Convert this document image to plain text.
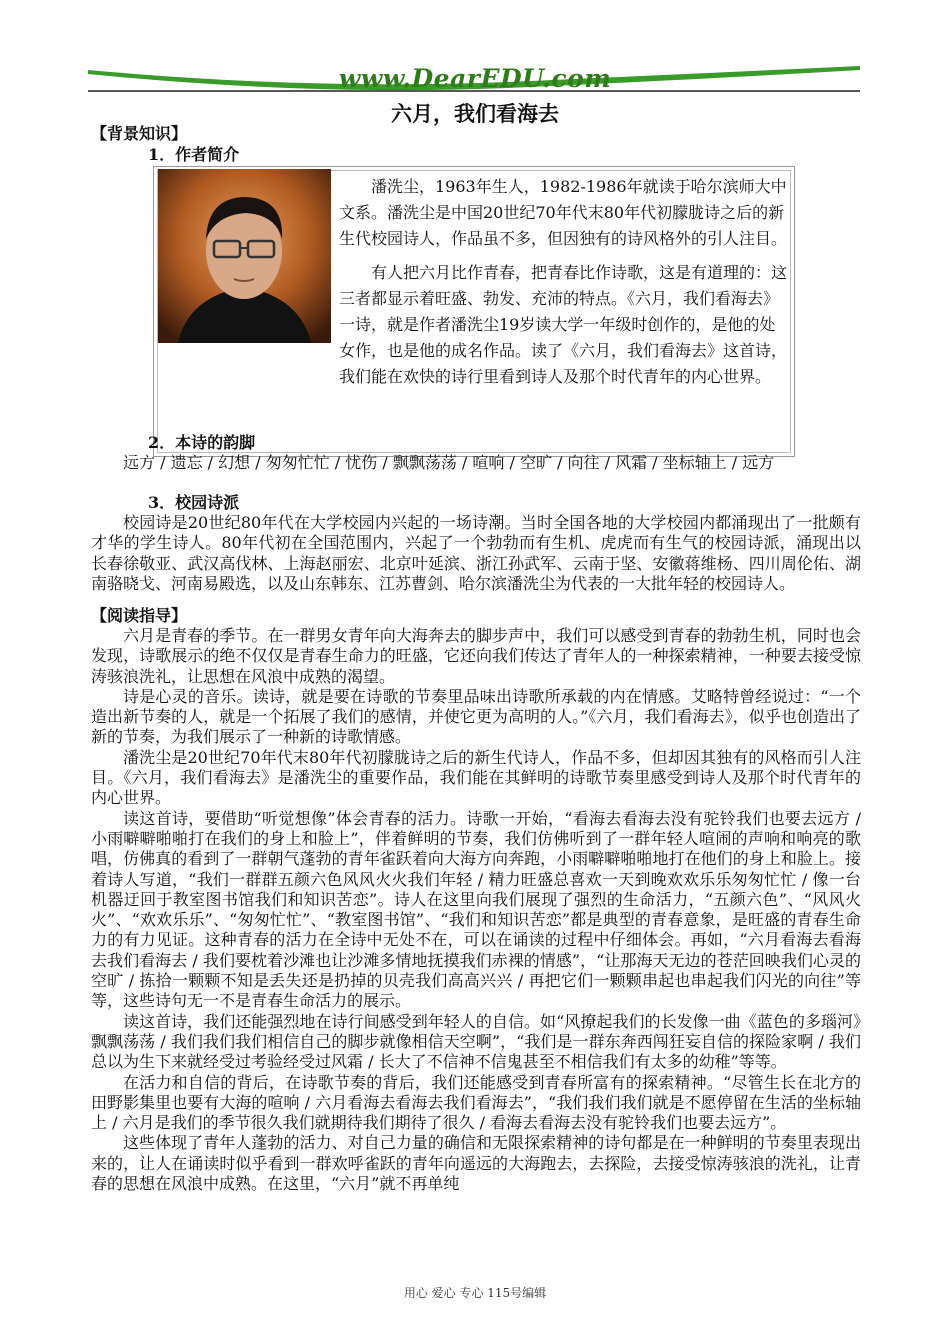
www.DearEDU.com
六月，我们看海去
【背景知识】
1．作者简介

潘洗尘，1963年生人，1982-1986年就读于哈尔滨师大中文系。潘洗尘是中国20世纪70年代末80年代初朦胧诗之后的新生代校园诗人，作品虽不多，但因独有的诗风格外的引人注目。

有人把六月比作青春，把青春比作诗歌，这是有道理的：这三者都显示着旺盛、勃发、充沛的特点。《六月，我们看海去》一诗，就是作者潘洗尘19岁读大学一年级时创作的，是他的处女作，也是他的成名作品。读了《六月，我们看海去》这首诗，我们能在欢快的诗行里看到诗人及那个时代青年的内心世界。

2．本诗的韵脚

远方 / 遗忘 / 幻想 / 匆匆忙忙 / 忧伤 / 飘飘荡荡 / 喧响 / 空旷 / 向往 / 风霜 / 坐标轴上 / 远方

3．校园诗派

校园诗是20世纪80年代在大学校园内兴起的一场诗潮。当时全国各地的大学校园内都涌现出了一批颇有才华的学生诗人。80年代初在全国范围内，兴起了一个勃勃而有生机、虎虎而有生气的校园诗派，涌现出以长春徐敬亚、武汉高伐林、上海赵丽宏、北京叶延滨、浙江孙武军、云南于坚、安徽蒋维杨、四川周伦佑、湖南骆晓戈、河南易殿选，以及山东韩东、江苏曹剑、哈尔滨潘洗尘为代表的一大批年轻的校园诗人。

【阅读指导】

六月是青春的季节。在一群男女青年向大海奔去的脚步声中，我们可以感受到青春的勃勃生机，同时也会发现，诗歌展示的绝不仅仅是青春生命力的旺盛，它还向我们传达了青年人的一种探索精神，一种要去接受惊涛骇浪洗礼，让思想在风浪中成熟的渴望。

诗是心灵的音乐。读诗，就是要在诗歌的节奏里品味出诗歌所承载的内在情感。艾略特曾经说过：“一个造出新节奏的人，就是一个拓展了我们的感情，并使它更为高明的人。”《六月，我们看海去》，似乎也创造出了新的节奏，为我们展示了一种新的诗歌情感。

潘洗尘是20世纪70年代末80年代初朦胧诗之后的新生代诗人，作品不多，但却因其独有的风格而引人注目。《六月，我们看海去》是潘洗尘的重要作品，我们能在其鲜明的诗歌节奏里感受到诗人及那个时代青年的内心世界。

读这首诗，要借助“听觉想像”体会青春的活力。诗歌一开始，“看海去看海去没有驼铃我们也要去远方 / 小雨噼噼啪啪打在我们的身上和脸上”，伴着鲜明的节奏，我们仿佛听到了一群年轻人喧闹的声响和响亮的歌唱，仿佛真的看到了一群朝气蓬勃的青年雀跃着向大海方向奔跑，小雨噼噼啪啪地打在他们的身上和脸上。接着诗人写道，“我们一群群五颜六色风风火火我们年轻 / 精力旺盛总喜欢一天到晚欢欢乐乐匆匆忙忙 / 像一台机器迂回于教室图书馆我们和知识苦恋”。诗人在这里向我们展现了强烈的生命活力，“五颜六色”、“风风火火”、“欢欢乐乐”、“匆匆忙忙”、“教室图书馆”、“我们和知识苦恋”都是典型的青春意象，是旺盛的青春生命力的有力见证。这种青春的活力在全诗中无处不在，可以在诵读的过程中仔细体会。再如，“六月看海去看海去我们看海去 / 我们要枕着沙滩也让沙滩多情地抚摸我们赤裸的情感”，“让那海天无边的苍茫回映我们心灵的空旷 / 拣拾一颗颗不知是丢失还是扔掉的贝壳我们高高兴兴 / 再把它们一颗颗串起也串起我们闪光的向往”等等，这些诗句无一不是青春生命活力的展示。

读这首诗，我们还能强烈地在诗行间感受到年轻人的自信。如“风撩起我们的长发像一曲《蓝色的多瑙河》飘飘荡荡 / 我们我们我们相信自己的脚步就像相信天空啊”，“我们是一群东奔西闯狂妄自信的探险家啊 / 我们总以为生下来就经受过考验经受过风霜 / 长大了不信神不信鬼甚至不相信我们有太多的幼稚”等等。

在活力和自信的背后，在诗歌节奏的背后，我们还能感受到青春所富有的探索精神。“尽管生长在北方的田野影集里也要有大海的喧响 / 六月看海去看海去我们看海去”，“我们我们我们就是不愿停留在生活的坐标轴上 / 六月是我们的季节很久我们就期待我们期待了很久 / 看海去看海去没有驼铃我们也要去远方”。

这些体现了青年人蓬勃的活力、对自己力量的确信和无限探索精神的诗句都是在一种鲜明的节奏里表现出来的，让人在诵读时似乎看到一群欢呼雀跃的青年向遥远的大海跑去，去探险，去接受惊涛骇浪的洗礼，让青春的思想在风浪中成熟。在这里，“六月”就不再单纯

用心 爱心 专心 115号编辑
